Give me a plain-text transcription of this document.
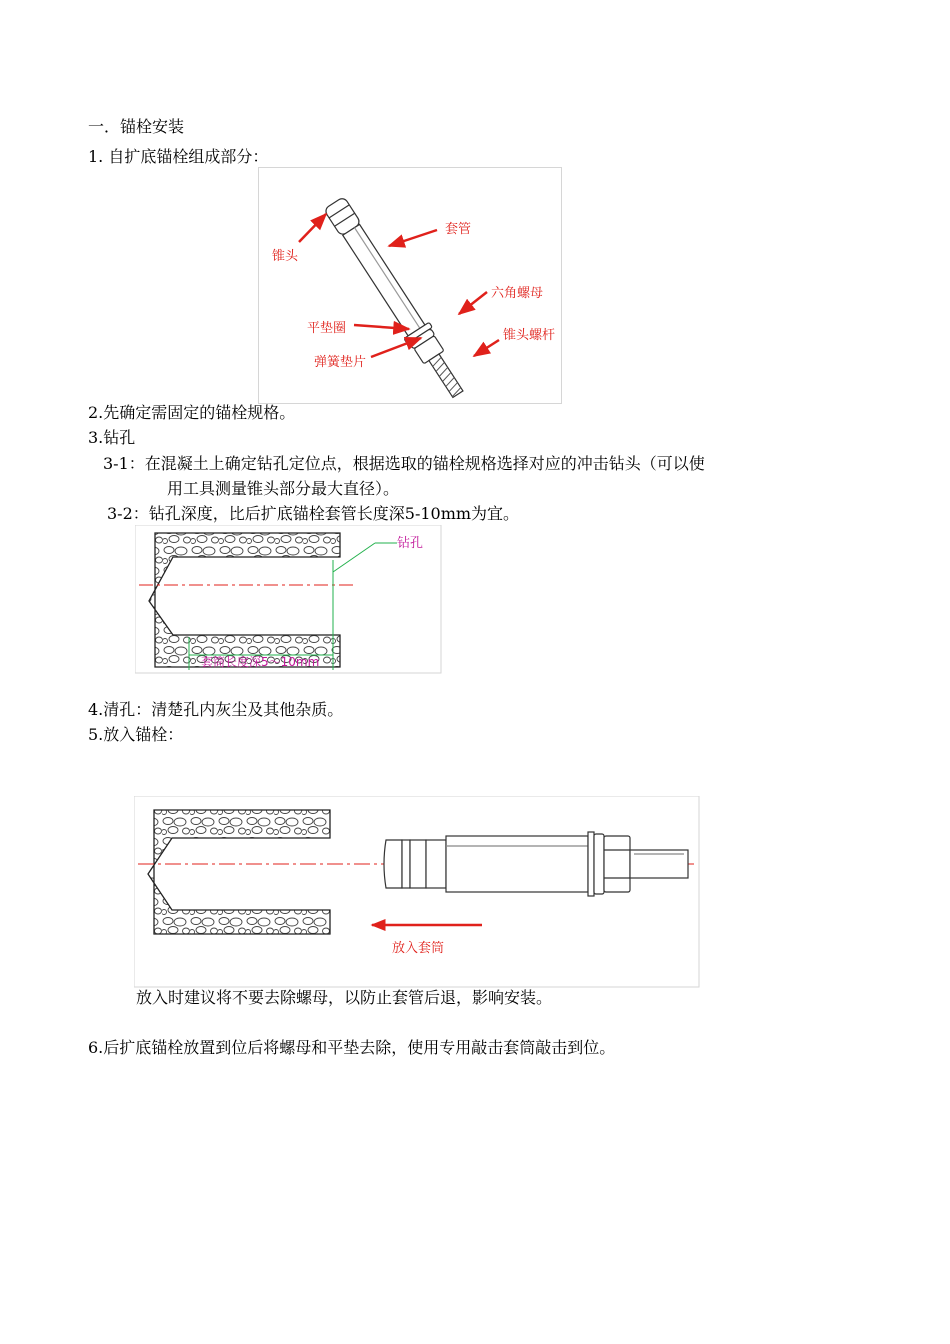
一．锚栓安装
1. 自扩底锚栓组成部分：
锥头
套管
六角螺母
平垫圈	锥头螺杆
弹簧垫片
2.先确定需固定的锚栓规格。
3.钻孔
3-1：在混凝土上确定钻孔定位点，根据选取的锚栓规格选择对应的冲击钻头（可以使
用工具测量锥头部分最大直径）。
3-2：钻孔深度，比后扩底锚栓套管长度深5-10mm为宜。
钻孔
套筒长度深5～10mm
4.清孔：清楚孔内灰尘及其他杂质。
5.放入锚栓：
放入套筒
放入时建议将不要去除螺母，以防止套管后退，影响安装。
6.后扩底锚栓放置到位后将螺母和平垫去除，使用专用敲击套筒敲击到位。
